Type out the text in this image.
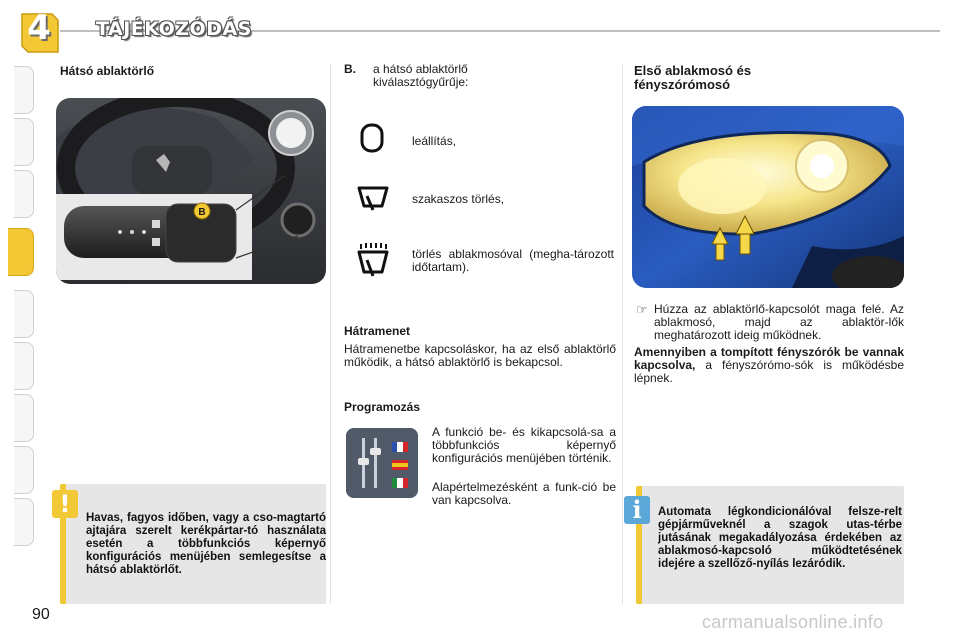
4	TÁJÉKOZÓDÁS
Hátsó ablaktörlő
B
Havas, fagyos időben, vagy a cso-magtartó ajtajára szerelt kerékpártar-tó használata esetén a többfunkciós képernyő konfigurációs menüjében semlegesítse a hátsó ablaktörlőt.
!
B. a hátsó ablaktörlő kiválasztógyűrűje:
leállítás,
szakaszos törlés,
törlés ablakmosóval (megha-tározott időtartam).
Hátramenet
Hátramenetbe kapcsoláskor, ha az első ablaktörlő működik, a hátsó ablaktörlő is bekapcsol.
Programozás
A funkció be- és kikapcsolá-sa a többfunkciós képernyő konfigurációs menüjében történik.
Alapértelmezésként a funk-ció be van kapcsolva.
Első ablakmosó és fényszórómosó
☞ Húzza az ablaktörlő-kapcsolót maga felé. Az ablakmosó, majd az ablaktör-lők meghatározott ideig működnek.
Amennyiben a tompított fényszórók be vannak kapcsolva, a fényszórómo-sók is működésbe lépnek.
Automata légkondicionálóval felsze-relt gépjárműveknél a szagok utas-térbe jutásának megakadályozása érdekében az ablakmosó-kapcsoló működtetésének idejére a szellőző-nyílás lezáródik.
i
90	carmanualsonline.info
